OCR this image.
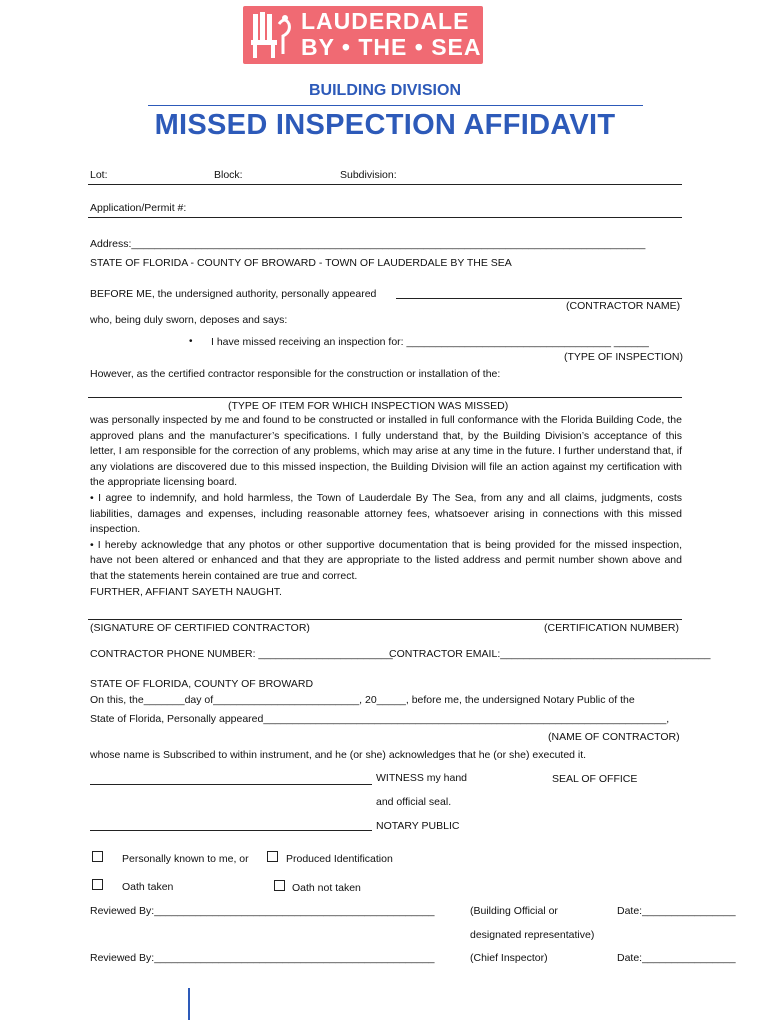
LAUDERDALE
BY • THE • SEA
BUILDING DIVISION
MISSED INSPECTION AFFIDAVIT
Lot:	Block:	Subdivision:
Application/Permit #:
Address:________________________________________________________________________________________
STATE OF FLORIDA - COUNTY OF BROWARD - TOWN OF LAUDERDALE BY THE SEA
BEFORE ME, the undersigned authority, personally appeared
(CONTRACTOR NAME)
who, being duly sworn, deposes and says:
• I have missed receiving an inspection for: ___________________________________ ______
(TYPE OF INSPECTION)
However, as the certified contractor responsible for the construction or installation of the:
(TYPE OF ITEM FOR WHICH INSPECTION WAS MISSED)

was personally inspected by me and found to be constructed or installed in full conformance with the Florida Building Code, the approved plans and the manufacturer’s specifications. I fully understand that, by the Building Division’s acceptance of this letter, I am responsible for the correction of any problems, which may arise at any time in the future. I further understand that, if any violations are discovered due to this missed inspection, the Building Division will file an action against my certification with the appropriate licensing board.

• I agree to indemnify, and hold harmless, the Town of Lauderdale By The Sea, from any and all claims, judgments, costs liabilities, damages and expenses, including reasonable attorney fees, whatsoever arising in connections with this missed inspection.

• I hereby acknowledge that any photos or other supportive documentation that is being provided for the missed inspection, have not been altered or enhanced and that they are appropriate to the listed address and permit number shown above and that the statements herein contained are true and correct.

FURTHER, AFFIANT SAYETH NAUGHT.

(SIGNATURE OF CERTIFIED CONTRACTOR)	(CERTIFICATION NUMBER)
CONTRACTOR PHONE NUMBER: _______________________
CONTRACTOR EMAIL:____________________________________
STATE OF FLORIDA, COUNTY OF BROWARD
On this, the_______day of_________________________, 20_____, before me, the undersigned Notary Public of the
State of Florida, Personally appeared_____________________________________________________________________,
(NAME OF CONTRACTOR)
whose name is Subscribed to within instrument, and he (or she) acknowledges that he (or she) executed it.
WITNESS my hand	SEAL OF OFFICE
and official seal.
NOTARY PUBLIC
Personally known to me, or	Produced Identification
Oath taken	Oath not taken
Reviewed By:________________________________________________	(Building Official or	Date:________________
designated representative)
Reviewed By:________________________________________________	(Chief Inspector)	Date:________________
